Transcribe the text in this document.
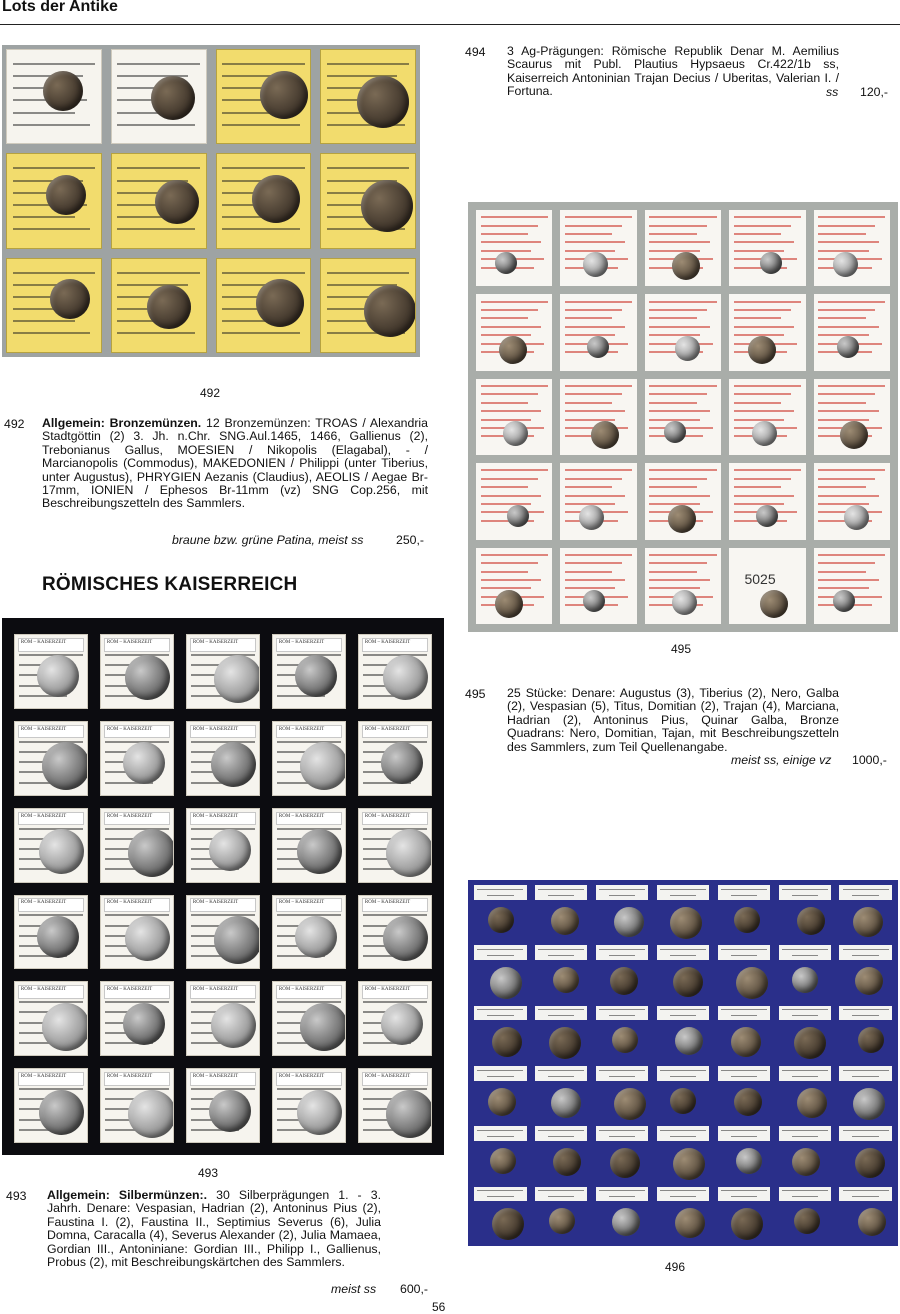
Lots der Antike
492
494 3 Ag-Prägungen: Römische Republik Denar M. Aemilius Scaurus mit Publ. Plautius Hypsaeus Cr.422/1b ss, Kaiserreich Antoninian Trajan Decius / Uberitas, Valerian I. / Fortuna.	ss 120,-
5025
495
492 Allgemein: Bronzemünzen. 12 Bronzemünzen: TROAS / Alexandria Stadtgöttin (2) 3. Jh. n.Chr. SNG.Aul.1465, 1466, Gallienus (2), Trebonianus Gallus, MOESIEN / Nikopolis (Elagabal), - / Marcianopolis (Commodus), MAKEDONIEN / Philippi (unter Tiberius, unter Augustus), PHRYGIEN Aezanis (Claudius), AEOLIS / Aegae Br-17mm, IONIEN / Ephesos Br-11mm (vz) SNG Cop.256, mit Beschreibungszetteln des Sammlers.
braune bzw. grüne Patina, meist ss	250,-
RÖMISCHES KAISERREICH
495 25 Stücke: Denare: Augustus (3), Tiberius (2), Nero, Galba (2), Vespasian (5), Titus, Domitian (2), Trajan (4), Marciana, Hadrian (2), Antoninus Pius, Quinar Galba, Bronze Quadrans: Nero, Domitian, Tajan, mit Beschreibungszetteln des Sammlers, zum Teil Quellenangabe.
meist ss, einige vz 1000,-
ROM – KAISERZEIT	ROM – KAISERZEIT	ROM – KAISERZEIT	ROM – KAISERZEIT	ROM – KAISERZEIT
ROM – KAISERZEIT	ROM – KAISERZEIT	ROM – KAISERZEIT	ROM – KAISERZEIT	ROM – KAISERZEIT
ROM – KAISERZEIT	ROM – KAISERZEIT	ROM – KAISERZEIT	ROM – KAISERZEIT	ROM – KAISERZEIT
ROM – KAISERZEIT	ROM – KAISERZEIT	ROM – KAISERZEIT	ROM – KAISERZEIT	ROM – KAISERZEIT
ROM – KAISERZEIT	ROM – KAISERZEIT	ROM – KAISERZEIT	ROM – KAISERZEIT	ROM – KAISERZEIT
ROM – KAISERZEIT	ROM – KAISERZEIT	ROM – KAISERZEIT	ROM – KAISERZEIT	ROM – KAISERZEIT
493
496
493 Allgemein: Silbermünzen:. 30 Silberprägungen 1. - 3. Jahrh. Denare: Vespasian, Hadrian (2), Antoninus Pius (2), Faustina I. (2), Faustina II., Septimius Severus (6), Julia Domna, Caracalla (4), Severus Alexander (2), Julia Mamaea, Gordian III., Antoniniane: Gordian III., Philipp I., Gallienus, Probus (2), mit Beschreibungskärtchen des Sammlers.
meist ss 600,-
56
